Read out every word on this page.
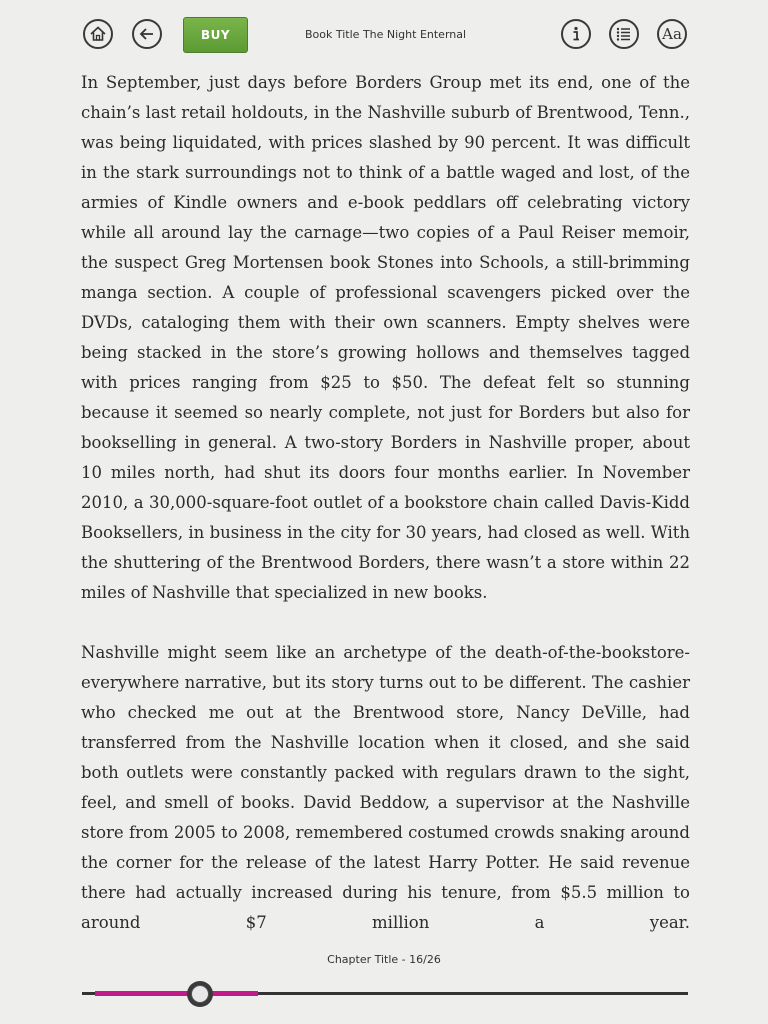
BUY	Book Title The Night Enternal	Aa

In September, just days before Borders Group met its end, one of the chain’s last retail holdouts, in the Nashville suburb of Brentwood, Tenn., was being liquidated, with prices slashed by 90 percent. It was difficult in the stark surroundings not to think of a battle waged and lost, of the armies of Kindle owners and e-book peddlars off celebrating victory while all around lay the carnage—two copies of a Paul Reiser memoir, the suspect Greg Mortensen book Stones into Schools, a still-brimming manga section. A couple of professional scavengers picked over the DVDs, cataloging them with their own scanners. Empty shelves were being stacked in the store’s growing hollows and themselves tagged with prices ranging from $25 to $50. The defeat felt so stunning because it seemed so nearly complete, not just for Borders but also for bookselling in general. A two-story Borders in Nashville proper, about 10 miles north, had shut its doors four months earlier. In November 2010, a 30,000-square-foot outlet of a bookstore chain called Davis-Kidd Booksellers, in business in the city for 30 years, had closed as well. With the shuttering of the Brentwood Borders, there wasn’t a store within 22 miles of Nashville that specialized in new books.

Nashville might seem like an archetype of the death-of-the-bookstore-everywhere narrative, but its story turns out to be different. The cashier who checked me out at the Brentwood store, Nancy DeVille, had transferred from the Nashville location when it closed, and she said both outlets were constantly packed with regulars drawn to the sight, feel, and smell of books. David Beddow, a supervisor at the Nashville store from 2005 to 2008, remembered costumed crowds snaking around the corner for the release of the latest Harry Potter. He said revenue there had actually increased during his tenure, from $5.5 million to around $7 million a year.

Chapter Title - 16/26
